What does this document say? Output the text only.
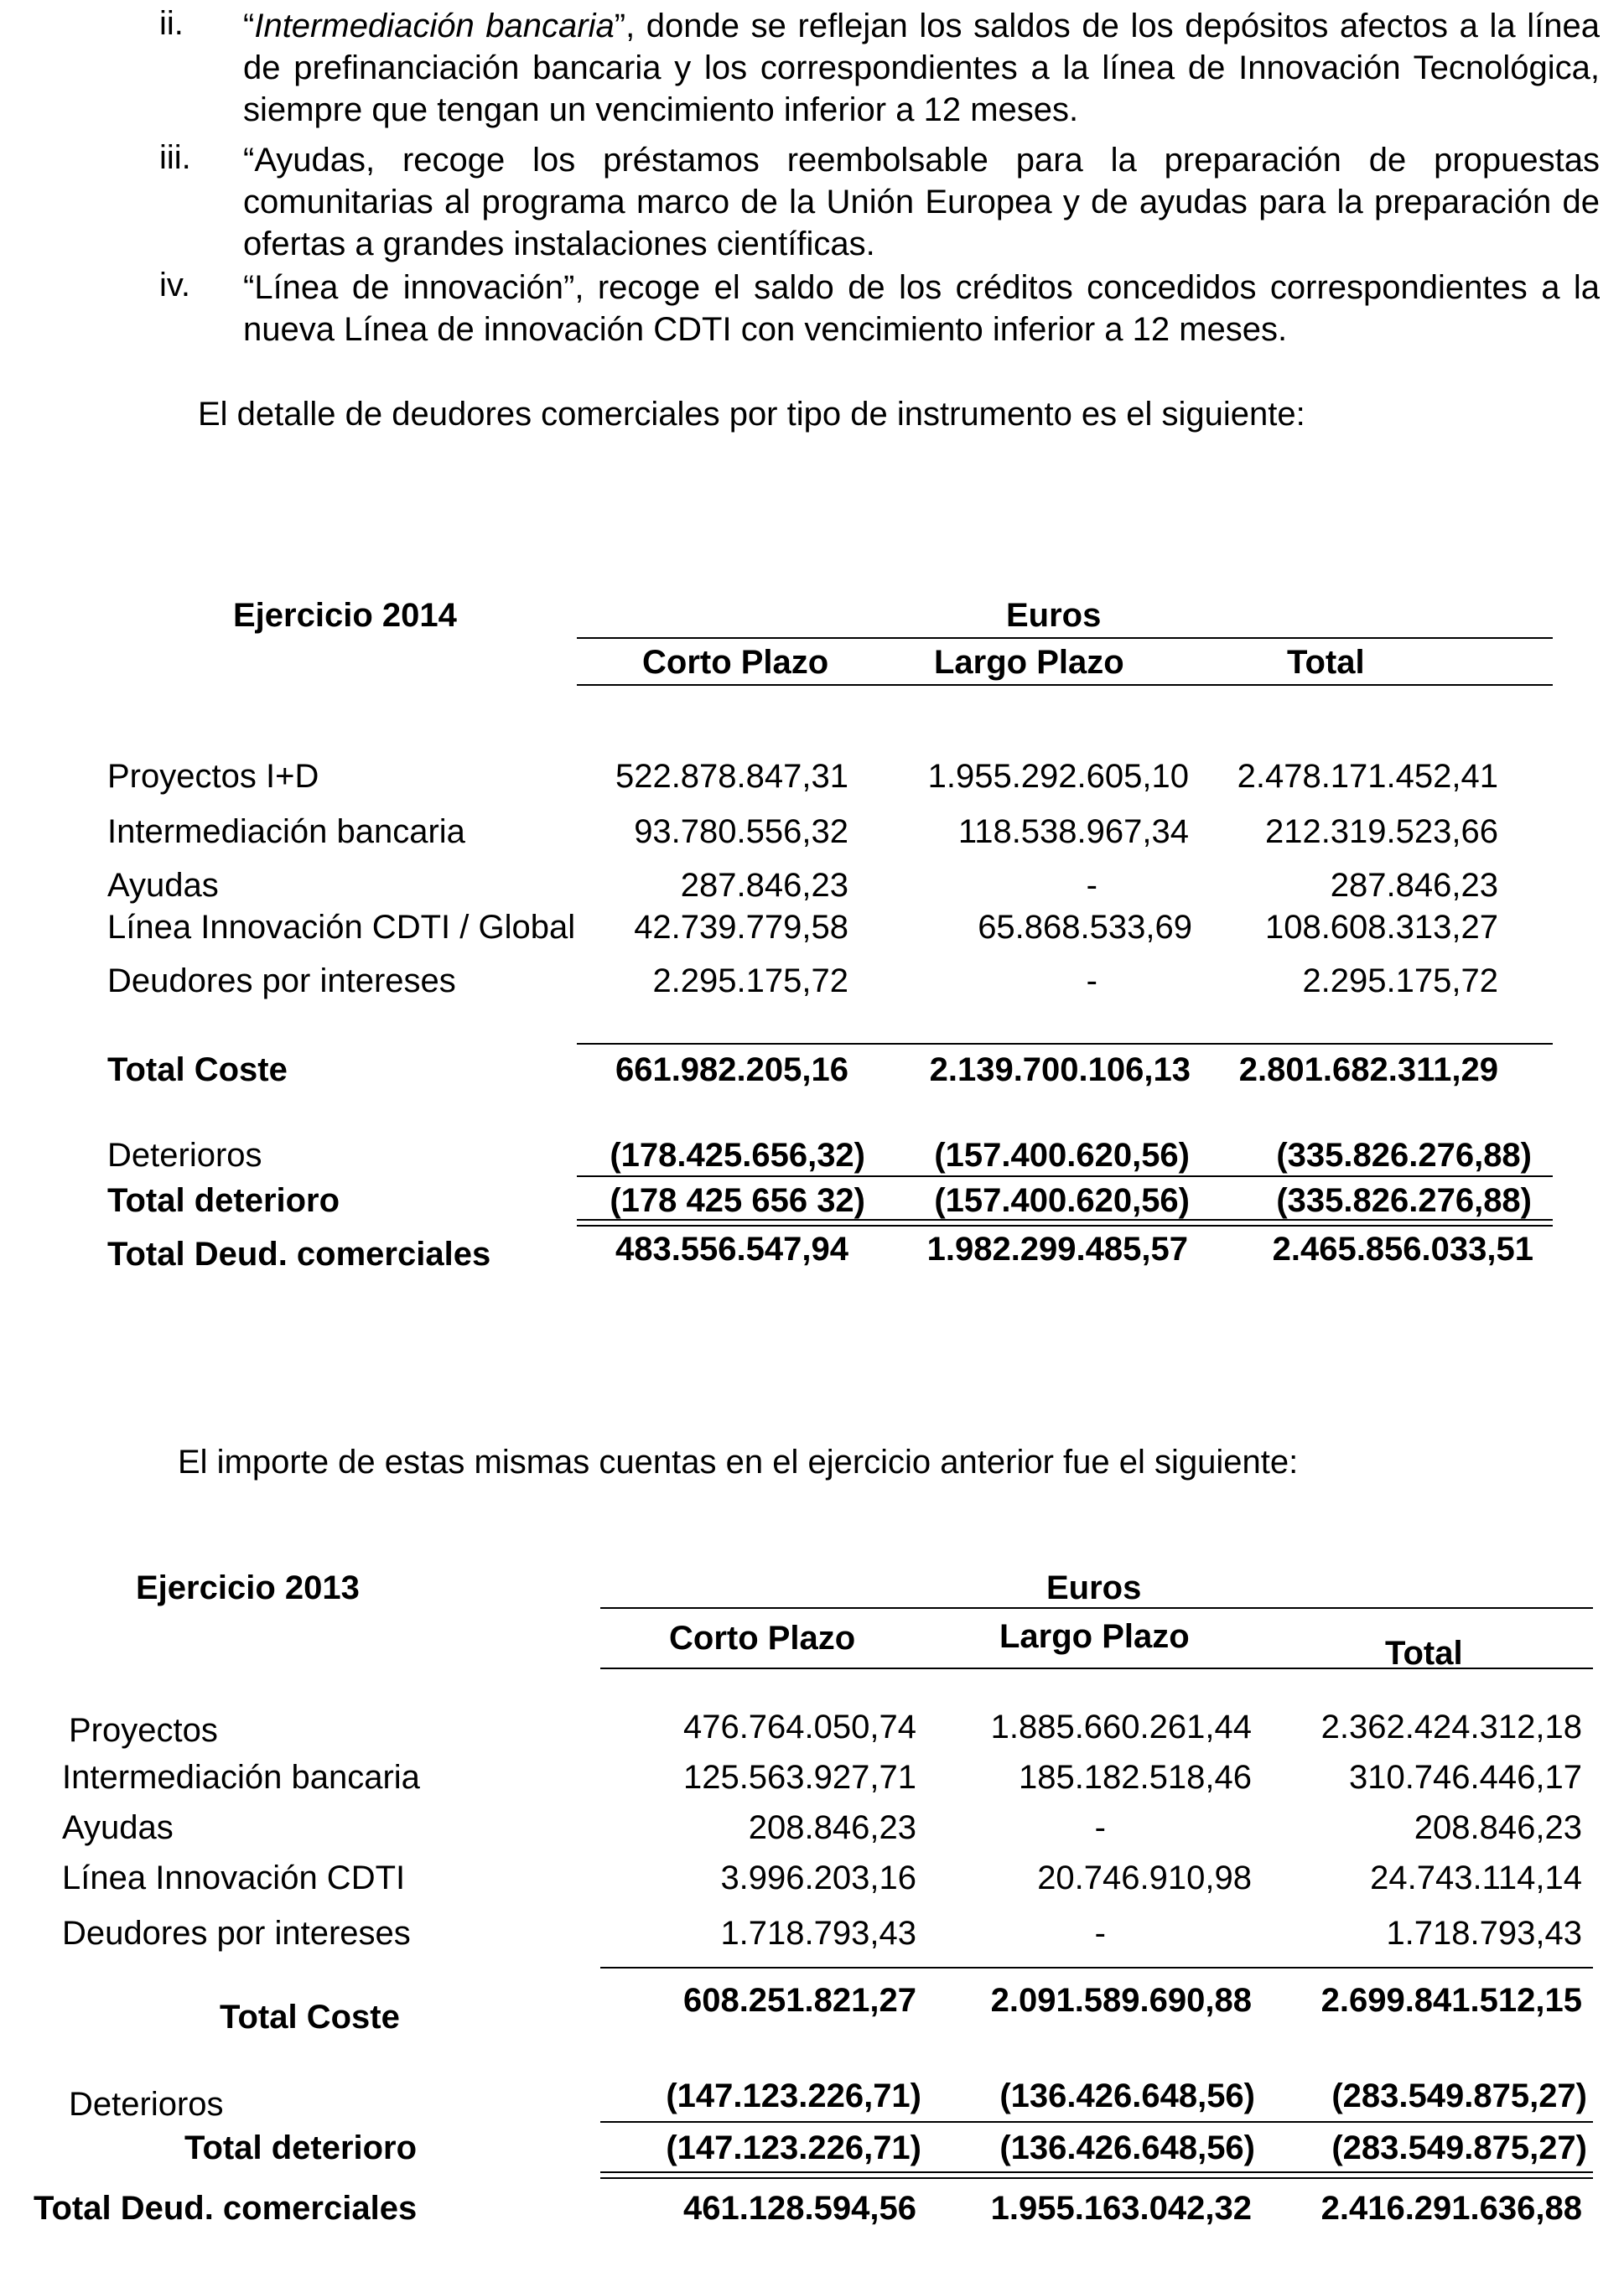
ii.	“Intermediación bancaria”, donde se reflejan los saldos de los depósitos afectos a la línea de prefinanciación bancaria y los correspondientes a la línea de Innovación Tecnológica, siempre que tengan un vencimiento inferior a 12 meses.
iii.	“Ayudas, recoge los préstamos reembolsable para la preparación de propuestas comunitarias al programa marco de la Unión Europea y de ayudas para la preparación de ofertas a grandes instalaciones científicas.
iv.	“Línea de innovación”, recoge el saldo de los créditos concedidos correspondientes a la nueva Línea de innovación CDTI con vencimiento inferior a 12 meses.
El detalle de deudores comerciales por tipo de instrumento es el siguiente:
Ejercicio 2014	Euros
Corto Plazo	Largo Plazo	Total
Proyectos I+D	522.878.847,31 1.955.292.605,10 2.478.171.452,41
Intermediación bancaria	93.780.556,32	118.538.967,34 212.319.523,66
Ayudas	287.846,23	-	287.846,23
Línea Innovación CDTI / Global 42.739.779,58	65.868.533,69 108.608.313,27
Deudores por intereses	2.295.175,72	-	2.295.175,72
Total Coste	661.982.205,16 2.139.700.106,13 2.801.682.311,29
Deterioros	(178.425.656,32) (157.400.620,56)	(335.826.276,88)
Total deterioro	(178 425 656 32) (157.400.620,56)	(335.826.276,88)
Total Deud. comerciales	483.556.547,94 1.982.299.485,57	2.465.856.033,51
El importe de estas mismas cuentas en el ejercicio anterior fue el siguiente:
Ejercicio 2013	Euros
Corto Plazo	Largo Plazo	Total
Proyectos	476.764.050,74 1.885.660.261,44 2.362.424.312,18
Intermediación bancaria	125.563.927,71	185.182.518,46	310.746.446,17
Ayudas	208.846,23	-	208.846,23
Línea Innovación CDTI	3.996.203,16	20.746.910,98	24.743.114,14
Deudores por intereses	1.718.793,43	-	1.718.793,43
Total Coste	608.251.821,27 2.091.589.690,88 2.699.841.512,15
Deterioros	(147.123.226,71) (136.426.648,56) (283.549.875,27)
Total deterioro	(147.123.226,71) (136.426.648,56) (283.549.875,27)
Total Deud. comerciales	461.128.594,56 1.955.163.042,32 2.416.291.636,88
